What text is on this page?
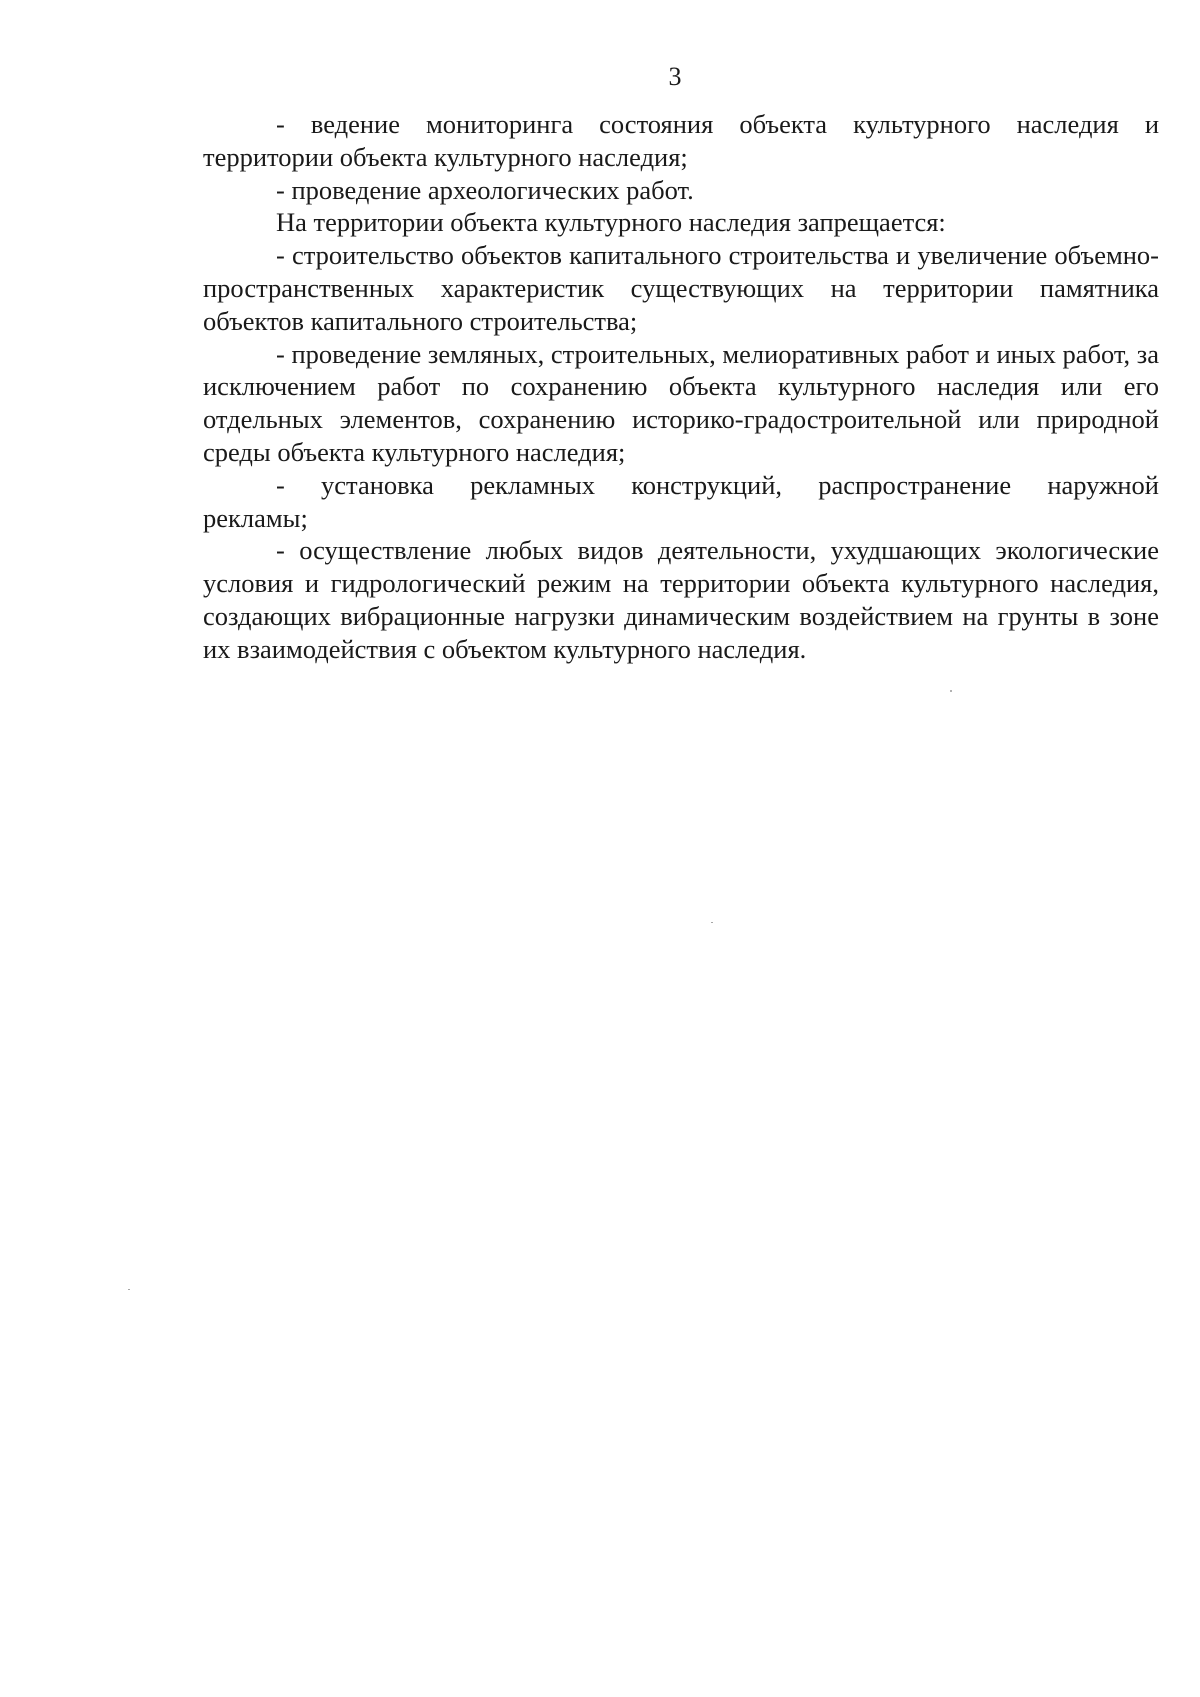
3

- ведение мониторинга состояния объекта культурного наследия и территории объекта культурного наследия;

- проведение археологических работ.

На территории объекта культурного наследия запрещается:

- строительство объектов капитального строительства и увеличение объемно-пространственных характеристик существующих на территории памятника объектов капитального строительства;

- проведение земляных, строительных, мелиоративных работ и иных работ, за исключением работ по сохранению объекта культурного наследия или его отдельных элементов, сохранению историко-градостроительной или природной среды объекта культурного наследия;

- установка рекламных конструкций, распространение наружной

рекламы;

- осуществление любых видов деятельности, ухудшающих экологические условия и гидрологический режим на территории объекта культурного наследия, создающих вибрационные нагрузки динамическим воздействием на грунты в зоне их взаимодействия с объектом культурного наследия.
